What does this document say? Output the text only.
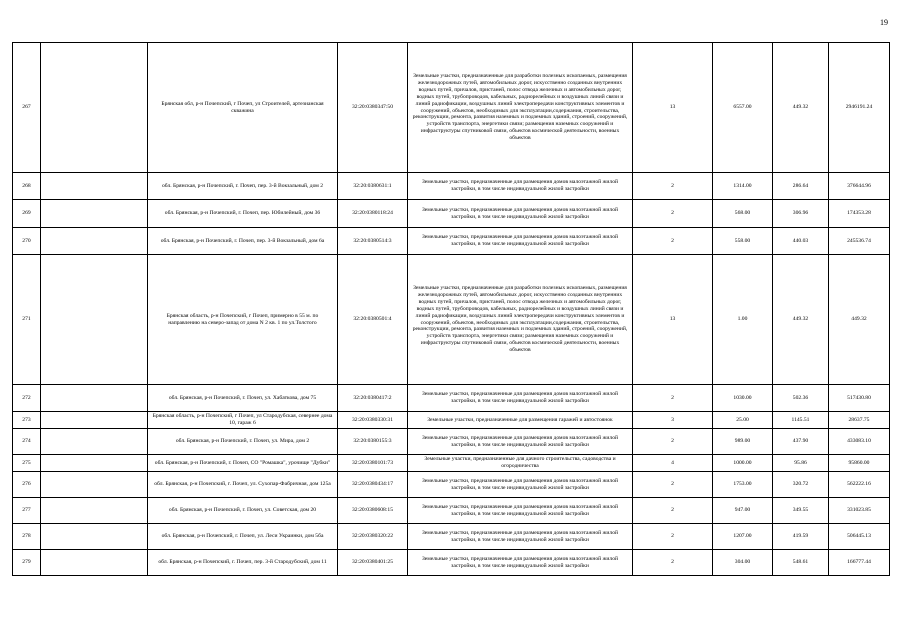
19
267		Брянская обл, р-н Почепский, г Почеп, ул Строителей, артезианская скважина	32:20:0380347:50	Земельные участки, предназначенные для разработки полезных ископаемых, размещения железнодорожных путей, автомобильных дорог, искусственно созданных внутренних водных путей, причалов, пристаней, полос отвода железных и автомобильных дорог, водных путей, трубопроводов, кабельных, радиорелейных и воздушных линий связи и линий радиофикации, воздушных линий электропередачи конструктивных элементов и сооружений, объектов, необходимых для эксплуатации,содержания, строительства, реконструкции, ремонта, развития наземных и подземных зданий, строений, сооружений, устройств транспорта, энергетики связи; размещения наземных сооружений и инфраструктуры спутниковой связи, объектов космической деятельности, военных объектов	13	6557.00	449.32	2946191.24
268		обл. Брянская, р-н Почепский, г. Почеп, пер. 3-й Вокзальный, дом 2	32:20:0380631:1	Земельные участки, предназначенные для размещения домов малоэтажной жилой застройки, в том числе индивидуальной жилой застройки	2	1314.00	286.64	376644.96
269		обл. Брянская, р-н Почепский, г. Почеп, пер. Юбилейный, дом 36	32:20:0380118:24	Земельные участки, предназначенные для размещения домов малоэтажной жилой застройки, в том числе индивидуальной жилой застройки	2	568.00	306.96	174353.28
270		обл. Брянская, р-н Почепский, г. Почеп, пер. 3-й Вокзальный, дом 6а	32:20:0380514:3	Земельные участки, предназначенные для размещения домов малоэтажной жилой застройки, в том числе индивидуальной жилой застройки	2	558.00	440.03	245536.74
271		Брянская область, р-н Почепский, г Почеп, примерно в 55 м. по направлению на северо-запад от дома N 2 кв. 1 по ул.Толстого	32:20:0380501:4	Земельные участки, предназначенные для разработки полезных ископаемых, размещения железнодорожных путей, автомобильных дорог, искусственно созданных внутренних водных путей, причалов, пристаней, полос отвода железных и автомобильных дорог, водных путей, трубопроводов, кабельных, радиорелейных и воздушных линий связи и линий радиофикации, воздушных линий электропередачи конструктивных элементов и сооружений, объектов, необходимых для эксплуатации,содержания, строительства, реконструкции, ремонта, развития наземных и подземных зданий, строений, сооружений, устройств транспорта, энергетики связи; размещения наземных сооружений и инфраструктуры спутниковой связи, объектов космической деятельности, военных объектов	13	1.00	449.32	449.32
272		обл. Брянская, р-н Почепский, г. Почеп, ул. Хабаткова, дом 75	32:20:0380417:2	Земельные участки, предназначенные для размещения домов малоэтажной жилой застройки, в том числе индивидуальной жилой застройки	2	1030.00	502.36	517430.80
273		Брянская область, р-н Почепский, г Почеп, ул Стародубская, севернее дома 10, гараж 6	32:20:0380330:31	Земельные участки, предназначенные для размещения гаражей и автостоянок	3	25.00	1145.51	28637.75
274		обл. Брянская, р-н Почепский, г. Почеп, ул. Мира, дом 2	32:20:0380155:3	Земельные участки, предназначенные для размещения домов малоэтажной жилой застройки, в том числе индивидуальной жилой застройки	2	989.00	437.90	433083.10
275		обл. Брянская, р-н Почепский, г. Почеп, СО "Ромашка", урочище "Дубки"	32:20:0380101:73	Земельные участки, предназначенные для дачного строительства, садоводства и огородничества	4	1000.00	95.86	95860.00
276		обл. Брянская, р-н Почепский, г. Почеп, ул. Сухопар-Фабричная, дом 125а	32:20:0380434:17	Земельные участки, предназначенные для размещения домов малоэтажной жилой застройки, в том числе индивидуальной жилой застройки	2	1753.00	320.72	562222.16
277		обл. Брянская, р-н Почепский, г. Почеп, ул. Советская, дом 20	32:20:0380608:15	Земельные участки, предназначенные для размещения домов малоэтажной жилой застройки, в том числе индивидуальной жилой застройки	2	947.00	349.55	331023.85
278		обл. Брянская, р-н Почепский, г. Почеп, ул. Леси Украинки, дом 5ба	32:20:0380320:22	Земельные участки, предназначенные для размещения домов малоэтажной жилой застройки, в том числе индивидуальной жилой застройки	2	1207.00	419.59	506445.13
279		обл. Брянская, р-н Почепский, г. Почеп, пер. 3-й Стародубский, дом 11	32:20:0380401:25	Земельные участки, предназначенные для размещения домов малоэтажной жилой застройки, в том числе индивидуальной жилой застройки	2	304.00	548.61	166777.44
